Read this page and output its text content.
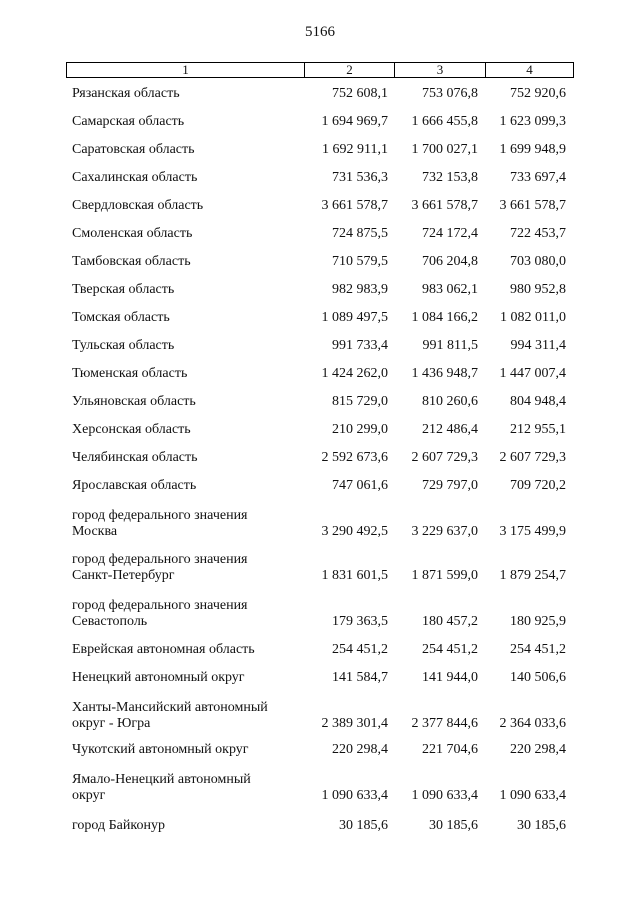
5166
1	2	3	4
Рязанская область	752 608,1	753 076,8	752 920,6
Самарская область	1 694 969,7	1 666 455,8	1 623 099,3
Саратовская область	1 692 911,1	1 700 027,1	1 699 948,9
Сахалинская область	731 536,3	732 153,8	733 697,4
Свердловская область	3 661 578,7	3 661 578,7	3 661 578,7
Смоленская область	724 875,5	724 172,4	722 453,7
Тамбовская область	710 579,5	706 204,8	703 080,0
Тверская область	982 983,9	983 062,1	980 952,8
Томская область	1 089 497,5	1 084 166,2	1 082 011,0
Тульская область	991 733,4	991 811,5	994 311,4
Тюменская область	1 424 262,0	1 436 948,7	1 447 007,4
Ульяновская область	815 729,0	810 260,6	804 948,4
Херсонская область	210 299,0	212 486,4	212 955,1
Челябинская область	2 592 673,6	2 607 729,3	2 607 729,3
Ярославская область	747 061,6	729 797,0	709 720,2
город федерального значения
Москва	3 290 492,5	3 229 637,0	3 175 499,9
город федерального значения
Санкт-Петербург	1 831 601,5	1 871 599,0	1 879 254,7
город федерального значения
Севастополь	179 363,5	180 457,2	180 925,9
Еврейская автономная область	254 451,2	254 451,2	254 451,2
Ненецкий автономный округ	141 584,7	141 944,0	140 506,6
Ханты-Мансийский автономный
округ - Югра	2 389 301,4	2 377 844,6	2 364 033,6
Чукотский автономный округ	220 298,4	221 704,6	220 298,4
Ямало-Ненецкий автономный
округ	1 090 633,4	1 090 633,4	1 090 633,4
город Байконур	30 185,6	30 185,6	30 185,6
